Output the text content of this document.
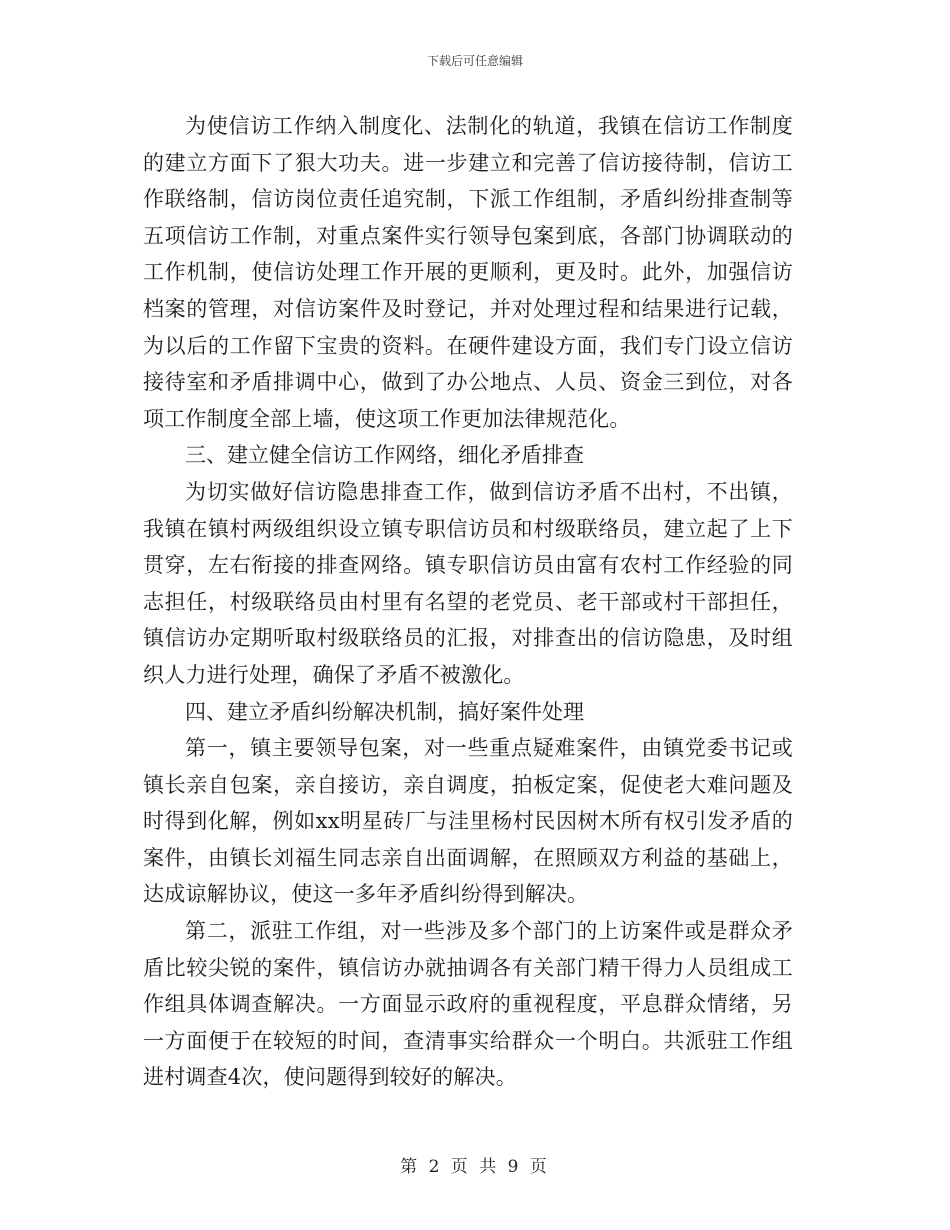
下载后可任意编辑

为使信访工作纳入制度化、法制化的轨道，我镇在信访工作制度的建立方面下了狠大功夫。进一步建立和完善了信访接待制，信访工作联络制，信访岗位责任追究制，下派工作组制，矛盾纠纷排查制等五项信访工作制，对重点案件实行领导包案到底，各部门协调联动的工作机制，使信访处理工作开展的更顺利，更及时。此外，加强信访档案的管理，对信访案件及时登记，并对处理过程和结果进行记载，为以后的工作留下宝贵的资料。在硬件建设方面，我们专门设立信访接待室和矛盾排调中心，做到了办公地点、人员、资金三到位，对各项工作制度全部上墙，使这项工作更加法律规范化。

三、建立健全信访工作网络，细化矛盾排查

为切实做好信访隐患排查工作，做到信访矛盾不出村，不出镇，我镇在镇村两级组织设立镇专职信访员和村级联络员，建立起了上下贯穿，左右衔接的排查网络。镇专职信访员由富有农村工作经验的同志担任，村级联络员由村里有名望的老党员、老干部或村干部担任，镇信访办定期听取村级联络员的汇报，对排查出的信访隐患，及时组织人力进行处理，确保了矛盾不被激化。

四、建立矛盾纠纷解决机制，搞好案件处理

第一，镇主要领导包案，对一些重点疑难案件，由镇党委书记或镇长亲自包案，亲自接访，亲自调度，拍板定案，促使老大难问题及时得到化解，例如xx明星砖厂与洼里杨村民因树木所有权引发矛盾的案件，由镇长刘福生同志亲自出面调解，在照顾双方利益的基础上，达成谅解协议，使这一多年矛盾纠纷得到解决。

第二，派驻工作组，对一些涉及多个部门的上访案件或是群众矛盾比较尖锐的案件，镇信访办就抽调各有关部门精干得力人员组成工作组具体调查解决。一方面显示政府的重视程度，平息群众情绪，另一方面便于在较短的时间，查清事实给群众一个明白。共派驻工作组进村调查4次，使问题得到较好的解决。

第 2 页 共 9 页
